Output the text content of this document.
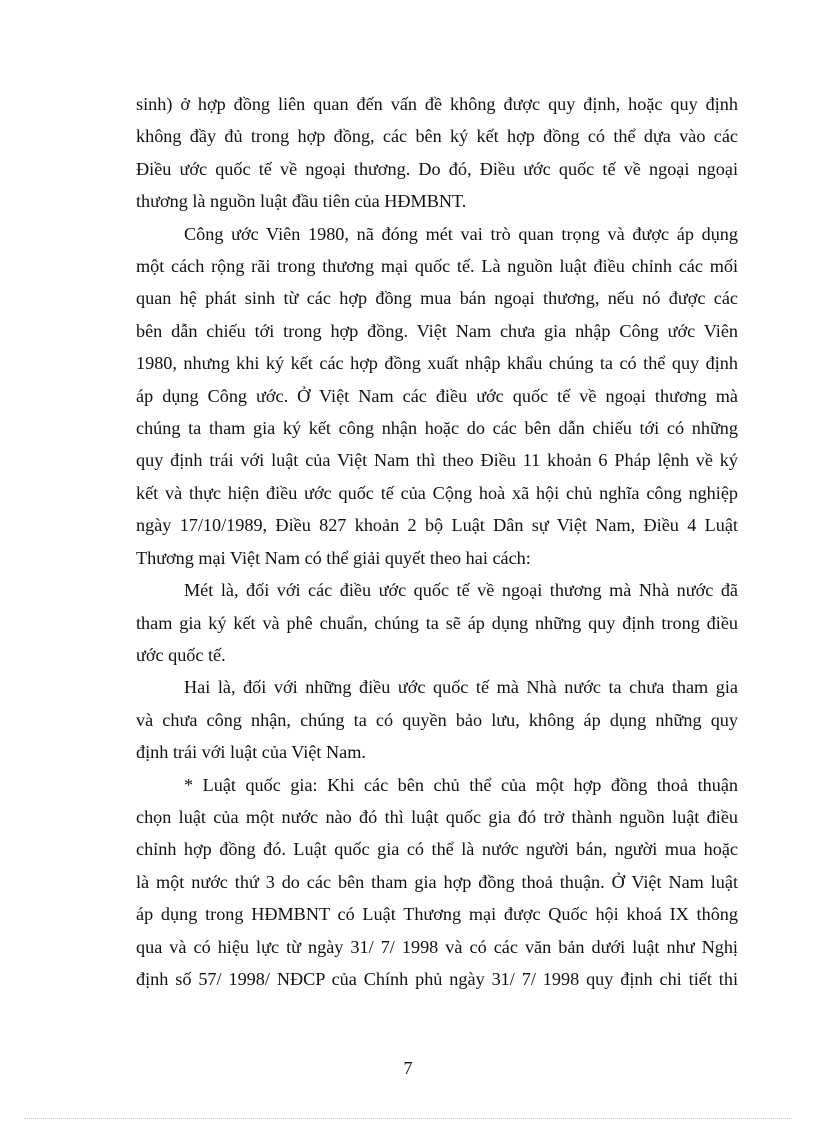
sinh) ở hợp đồng liên quan đến vấn đề không được quy định, hoặc quy định

không đầy đủ trong hợp đồng, các bên ký kết hợp đồng có thể dựa vào các

Điều ước quốc tế về ngoại thương. Do đó, Điều ước quốc tế về ngoại ngoại

thương là nguồn luật đầu tiên của HĐMBNT.

Công ước Viên 1980, nã đóng mét vai trò quan trọng và được áp dụng

một cách rộng rãi trong thương mại quốc tế. Là nguồn luật điều chỉnh các mối

quan hệ phát sinh từ các hợp đồng mua bán ngoại thương, nếu nó được các

bên dẫn chiếu tới trong hợp đồng. Việt Nam chưa gia nhập Công ước Viên

1980, nhưng khi ký kết các hợp đồng xuất nhập khẩu chúng ta có thể quy định

áp dụng Công ước. Ở Việt Nam các điều ước quốc tế về ngoại thương mà

chúng ta tham gia ký kết công nhận hoặc do các bên dẫn chiếu tới có những

quy định trái với luật của Việt Nam thì theo Điều 11 khoản 6 Pháp lệnh về ký

kết và thực hiện điều ước quốc tế của Cộng hoà xã hội chủ nghĩa công nghiệp

ngày 17/10/1989, Điều 827 khoản 2 bộ Luật Dân sự Việt Nam, Điều 4 Luật

Thương mại Việt Nam có thể giải quyết theo hai cách:

Mét là, đối với các điều ước quốc tế về ngoại thương mà Nhà nước đã

tham gia ký kết và phê chuẩn, chúng ta sẽ áp dụng những quy định trong điều

ước quốc tế.

Hai là, đối với những điều ước quốc tế mà Nhà nước ta chưa tham gia

và chưa công nhận, chúng ta có quyền bảo lưu, không áp dụng những quy

định trái với luật của Việt Nam.

* Luật quốc gia: Khi các bên chủ thể của một hợp đồng thoả thuận

chọn luật của một nước nào đó thì luật quốc gia đó trở thành nguồn luật điều

chỉnh hợp đồng đó. Luật quốc gia có thể là nước người bán, người mua hoặc

là một nước thứ 3 do các bên tham gia hợp đồng thoả thuận. Ở Việt Nam luật

áp dụng trong HĐMBNT có Luật Thương mại được Quốc hội khoá IX thông

qua và có hiệu lực từ ngày 31/ 7/ 1998 và có các văn bản dưới luật như Nghị

định số 57/ 1998/ NĐCP của Chính phủ ngày 31/ 7/ 1998 quy định chi tiết thi

7
